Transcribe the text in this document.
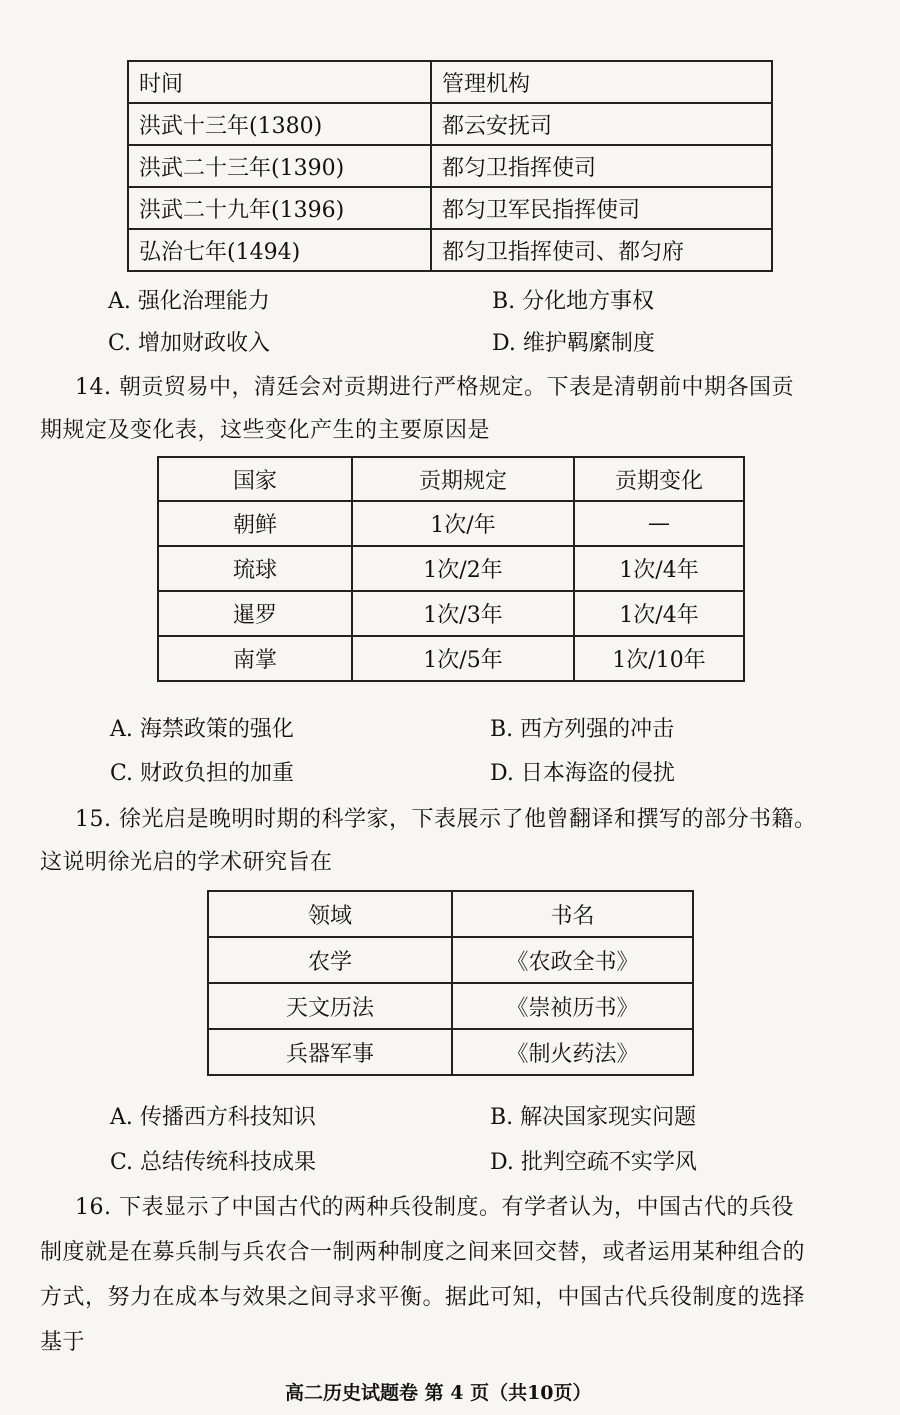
时间	管理机构
洪武十三年(1380)	都云安抚司
洪武二十三年(1390)	都匀卫指挥使司
洪武二十九年(1396)	都匀卫军民指挥使司
弘治七年(1494)	都匀卫指挥使司、都匀府
A. 强化治理能力	B. 分化地方事权
C. 增加财政收入	D. 维护羁縻制度
14. 朝贡贸易中，清廷会对贡期进行严格规定。下表是清朝前中期各国贡
期规定及变化表，这些变化产生的主要原因是
国家	贡期规定	贡期变化
朝鲜	1次/年	—
琉球	1次/2年	1次/4年
暹罗	1次/3年	1次/4年
南掌	1次/5年	1次/10年
A. 海禁政策的强化	B. 西方列强的冲击
C. 财政负担的加重	D. 日本海盗的侵扰
15. 徐光启是晚明时期的科学家，下表展示了他曾翻译和撰写的部分书籍。
这说明徐光启的学术研究旨在
领域	书名
农学	《农政全书》
天文历法	《崇祯历书》
兵器军事	《制火药法》
A. 传播西方科技知识	B. 解决国家现实问题
C. 总结传统科技成果	D. 批判空疏不实学风
16. 下表显示了中国古代的两种兵役制度。有学者认为，中国古代的兵役
制度就是在募兵制与兵农合一制两种制度之间来回交替，或者运用某种组合的
方式，努力在成本与效果之间寻求平衡。据此可知，中国古代兵役制度的选择
基于
高二历史试题卷 第 4 页（共10页）
